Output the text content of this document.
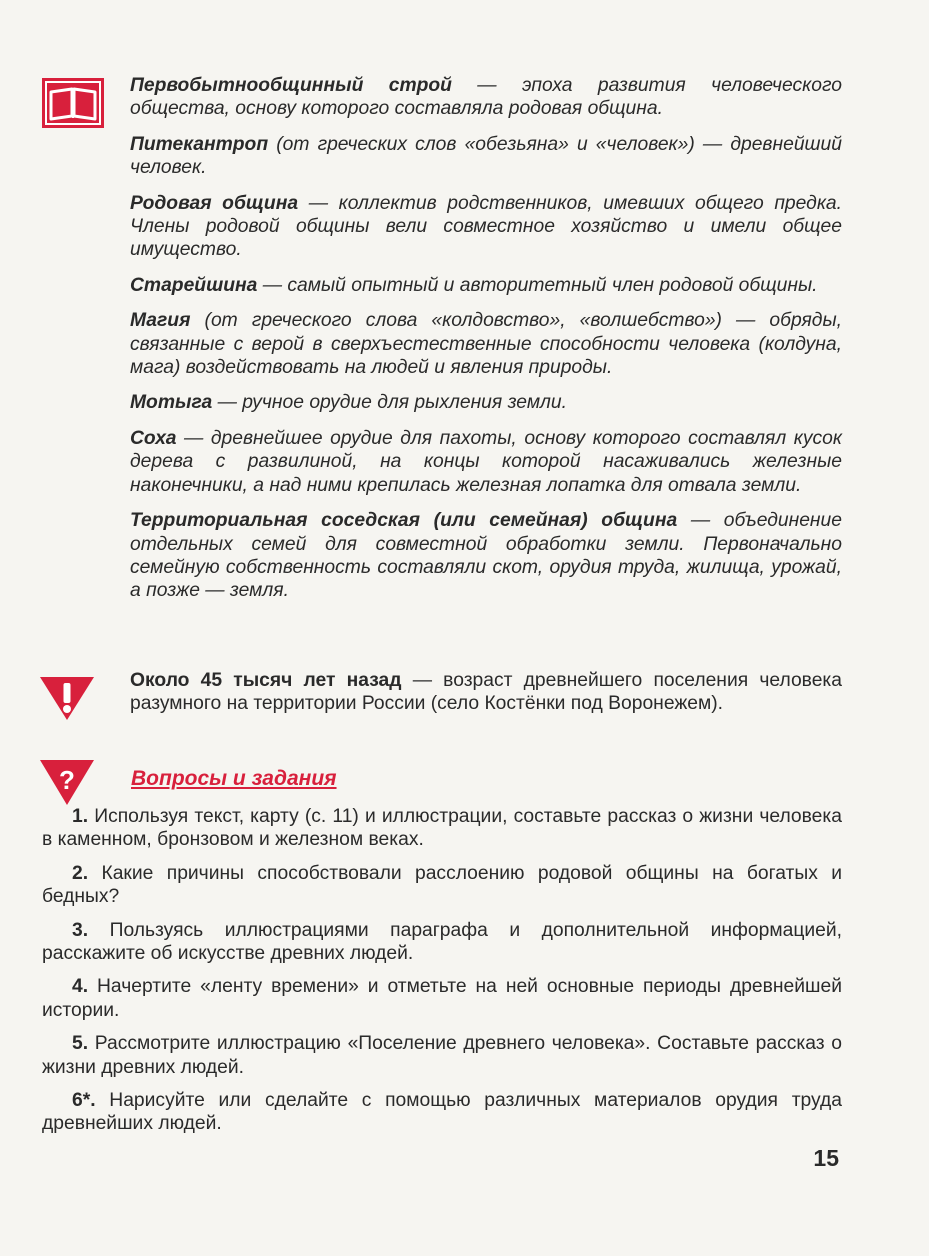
Первобытнообщинный строй — эпоха развития человеческого общества, основу которого составляла родовая община.

Питекантроп (от греческих слов «обезьяна» и «человек») — древнейший человек.

Родовая община — коллектив родственников, имевших общего предка. Члены родовой общины вели совместное хозяйство и имели общее имущество.

Старейшина — самый опытный и авторитетный член родовой общины.

Магия (от греческого слова «колдовство», «волшебство») — обряды, связанные с верой в сверхъестественные способности человека (колдуна, мага) воздействовать на людей и явления природы.

Мотыга — ручное орудие для рыхления земли.

Соха — древнейшее орудие для пахоты, основу которого составлял кусок дерева с развилиной, на концы которой насаживались железные наконечники, а над ними крепилась железная лопатка для отвала земли.

Территориальная соседская (или семейная) община — объединение отдельных семей для совместной обработки земли. Первоначально семейную собственность составляли скот, орудия труда, жилища, урожай, а позже — земля.

Около 45 тысяч лет назад — возраст древнейшего поселения человека разумного на территории России (село Костёнки под Воронежем).

?	Вопросы и задания

1. Используя текст, карту (с. 11) и иллюстрации, составьте рассказ о жизни человека в каменном, бронзовом и железном веках.

2. Какие причины способствовали расслоению родовой общины на богатых и бедных?

3. Пользуясь иллюстрациями параграфа и дополнительной информацией, расскажите об искусстве древних людей.

4. Начертите «ленту времени» и отметьте на ней основные периоды древнейшей истории.

5. Рассмотрите иллюстрацию «Поселение древнего человека». Составьте рассказ о жизни древних людей.

6*. Нарисуйте или сделайте с помощью различных материалов орудия труда древнейших людей.

15
